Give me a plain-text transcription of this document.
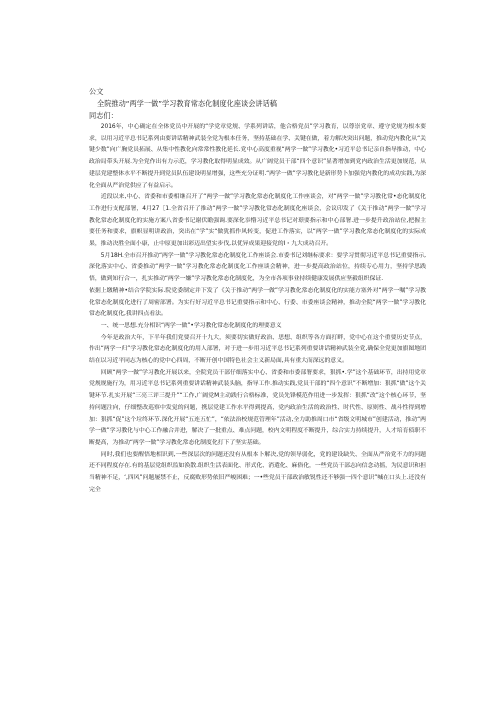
公文
全院推动“两学一做”学习教育常态化制度化座谈会讲话稿
同志们：

2016年，中心确定在全体党员中开展的“学党章党规、学系列讲话，他合格党员”学习教育，以尊崇党章、遵守党规为根本要求，以用习近平总书记系列由要讲话精神武装全党为根本任务，坚持基础在学、关键在做，着力解决突出问题，推动党内教化从“关键少数”向广胸党员拓展、从集中性教化向常常性教化延长.党中心高度重视“两学一做”学习教化•习近平总书记亲自指导推动，中心政治局带头开展.为全党作出有力示范，学习教化取得明显成效。从广阔党员干部“四个意识”显著增加到党内政治生活更加规范，从建层党建整体水平不断提升到党员队伍建设明显增强，这些充分证明.“两学一做”学习教化是新形势卜加强党内教化的成功实践,为深化全面从严治党供应了有益启示。

近段以来,中心、省委和市委相继召开了“两学一做”学习教化常态化制度化工作座谈会，对“两学一做”学习教化常•态化制度化工作进行支配部署，4月27［1.全省召开了推动“两学一做”学习教化常态化制度化座谈会，会议印发了《关于推动“两学一做”学习教化常态化制度化的实施方案八省委书记谢伏瞻强调.要深化忝懵习近平总书记对璟要指示和中心部署.进一步提升政治站位,把握主要任务和要求，旗帜显明讲政治，突出在“学”实“做犹抓作风转变，促进工作落实，以“两学一做”学习教化常态化制度化的实际成果，推动决胜全面小康，止中原更加出彩迈出望实步伐,以优异成果迎接党的I・九大成功召开。

5月18H.全市召开推动“两学一做”学习教化常态化制度化工作座谈会.市委书记刘继标要求：要学习贯彻习近平总书记重要指示,深化落实中心、省委推动“两学一做”学习教化常态化制度化工作座谈会精神，进一步提高政治站位，持续专心用力，坚持学思践悟，做到知行合一，扎实推动“两学一嫌”学习教化常态化制度化，为全市各项事业持续健康发展供应坚毅组织保证.

依据上缴精神•结合学院实际.院党委制定并下发了《关于推动“两学一做”学习教化常态化制度化的实能方塞外对“两学一嘱”学习教化常态化制度化进行了周密部署。为实行好习近平总书记重要指示和中心、行委、市委座谈会精神，推动全院“两学一做”学习教化常态化制度化,我讲四点看法。

一、统一思想.充分相识“两学一做”•学习教化常态化制度化的理要意义

今年是政治大年，下半年我们党要召开十九大，须要切实做好政治、思想、组织等各方面打畔，党中心在这个重要历史节点，作出“两学一归”学习教化常态化制度化的用人部署，对于进一步用习近平总书记系列重要讲话精神武装全党,确保全党更加旗图地团结在以习近平同志为核心的党中心四周，不断开创中国特色社会主义新局面,具有重大而深远的意义。

回顾“两学一做”学习教化开展以来，全院党员干部仔细落实中心、省委和市委部署要求，狠抓•.学”这个基础环节，出持用党章党规规施行为，用习近平总书记系列重要讲话精神武装头脑，指导工作.推动实践,党员干部的“四个意识”不断增加：狠抓“做”这个关键环节.扎实开展“三亮三评三提升”“工作,广阔党M主动践行合格标准，党员先锋模范作用进一步发挥：狠抓“改”这个核心环节，坚持问题注向，仔细整改巡察中发觉的问题，携层党建工作水平得到提高，党内政治生活的政治性、时代性、原则性、战斗性得到增加：狠抓“促”这个垃终环节.深化开展“五连五忙”，“依法治校规范管理年”活动,全力助推周口市“省级文明城市”创建活动，推动“两学一做”学习教化与中心工作融合并进，解决了一批重点、难点问题，校内文明程度不断提升，综合实力持续提升，人才培育侦职不断提高，为推动“两学一做”学习教化常态化制度化打下了坚实基础。

同时,我们也要醒悟地相识到,一些深层次的问题还没有从根本卜解决,党的领导弱化，党的建设缺失、全面从严治党不力的问题还不同程度存在.有的基层党组织监如涣散.组织生活表面化、形式化、消遣化、麻俗化，一些党员干部志向信念动摇，为民意识和担当精神不足，‘,四风”问题屡禁不止，反腐败形势依旧严峻困难；一•些党员干部政治敏锐性还不够强一四个意识”喊在口头上.还没有完全
